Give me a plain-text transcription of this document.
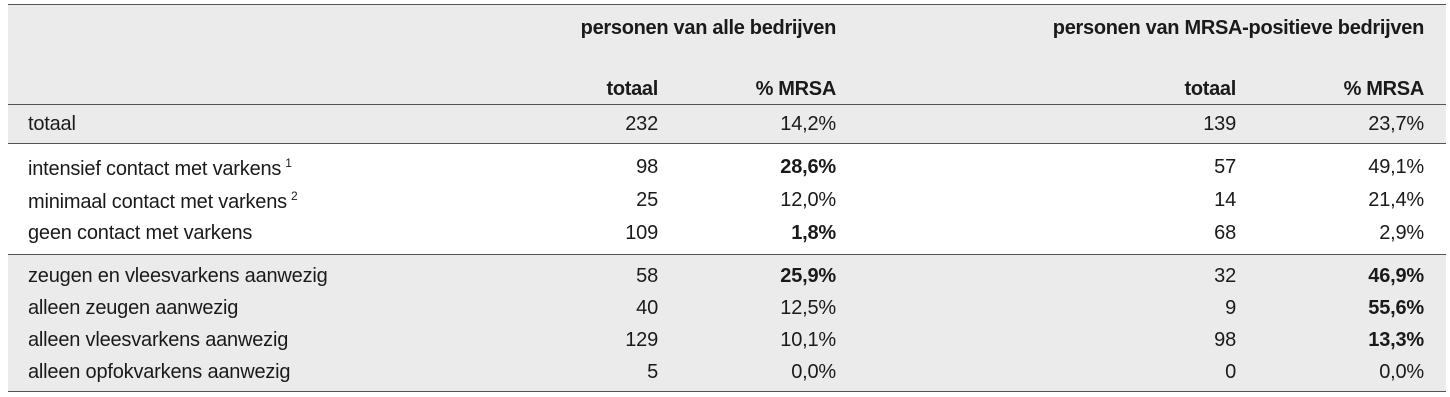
personen van alle bedrijven	personen van MRSA-positieve bedrijven
totaal	% MRSA	totaal	% MRSA
totaal	232	14,2%	139	23,7%
intensief contact met varkens $^1$	98	28,6%	57	49,1%
minimaal contact met varkens $^2$	25	12,0%	14	21,4%
geen contact met varkens	109	1,8%	68	2,9%
zeugen en vleesvarkens aanwezig	58	25,9%	32	46,9%
alleen zeugen aanwezig	40	12,5%	9	55,6%
alleen vleesvarkens aanwezig	129	10,1%	98	13,3%
alleen opfokvarkens aanwezig	5	0,0%	0	0,0%
